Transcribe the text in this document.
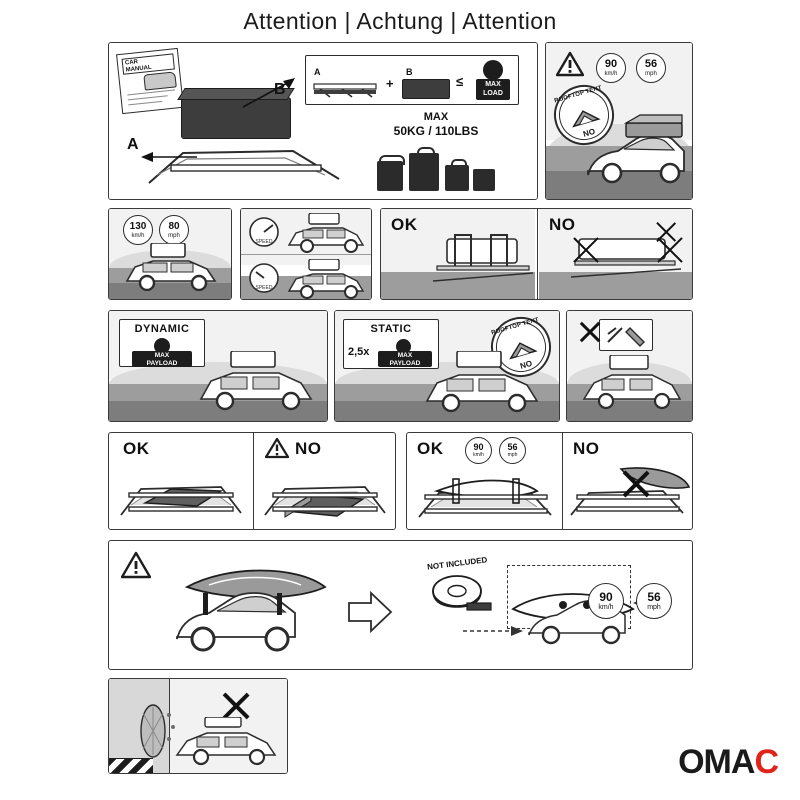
Attention | Achtung | Attention
CAR
MANUAL
B
A
A
+
B
≤	MAX
LOAD
MAX
50KG / 110LBS
90
km/h
56
mph
ROOFTOP TENT
NO
130
km/h
80
mph
SPEED
SPEED
OK	NO
DYNAMIC
MAX
PAYLOAD
STATIC
2,5x	MAX
PAYLOAD
ROOFTOP TENT
NO
OK	NO	OK	NO
90
km/h
56
mph
NOT INCLUDED
90
km/h
56
mph
OMAC
